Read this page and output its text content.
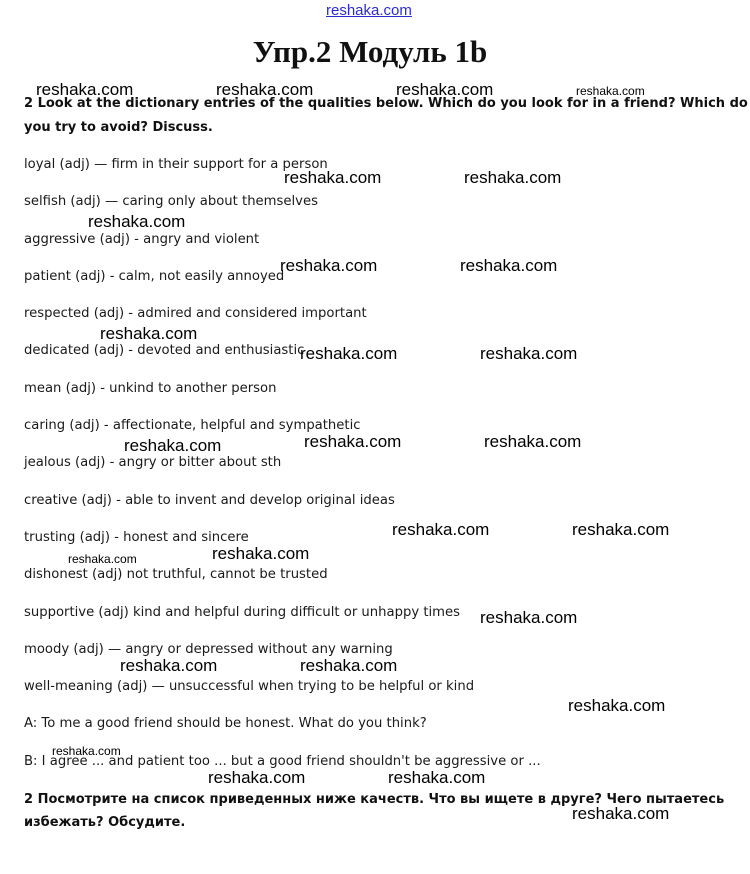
reshaka.com
Упр.2 Модуль 1b
2 Look at the dictionary entries of the qualities below. Which do you look for in a friend? Which do
you try to avoid? Discuss.
loyal (adj) — firm in their support for a person
selfish (adj) — caring only about themselves
aggressive (adj) - angry and violent
patient (adj) - calm, not easily annoyed
respected (adj) - admired and considered important
dedicated (adj) - devoted and enthusiastic
mean (adj) - unkind to another person
caring (adj) - affectionate, helpful and sympathetic
jealous (adj) - angry or bitter about sth
creative (adj) - able to invent and develop original ideas
trusting (adj) - honest and sincere
dishonest (adj) not truthful, cannot be trusted
supportive (adj) kind and helpful during difficult or unhappy times
moody (adj) — angry or depressed without any warning
well-meaning (adj) — unsuccessful when trying to be helpful or kind
A: To me a good friend should be honest. What do you think?
B: I agree ... and patient too ... but a good friend shouldn't be aggressive or ...
2 Посмотрите на список приведенных ниже качеств. Что вы ищете в друге? Чего пытаетесь
избежать? Обсудите.
reshaka.com	reshaka.com	reshaka.com
reshaka.com	reshaka.com
reshaka.com
reshaka.com	reshaka.com
reshaka.com
reshaka.com	reshaka.com
reshaka.com	reshaka.com
reshaka.com
reshaka.com	reshaka.com
reshaka.com
reshaka.com
reshaka.com	reshaka.com
reshaka.com
reshaka.com	reshaka.com
reshaka.com
reshaka.com
reshaka.com
reshaka.com
